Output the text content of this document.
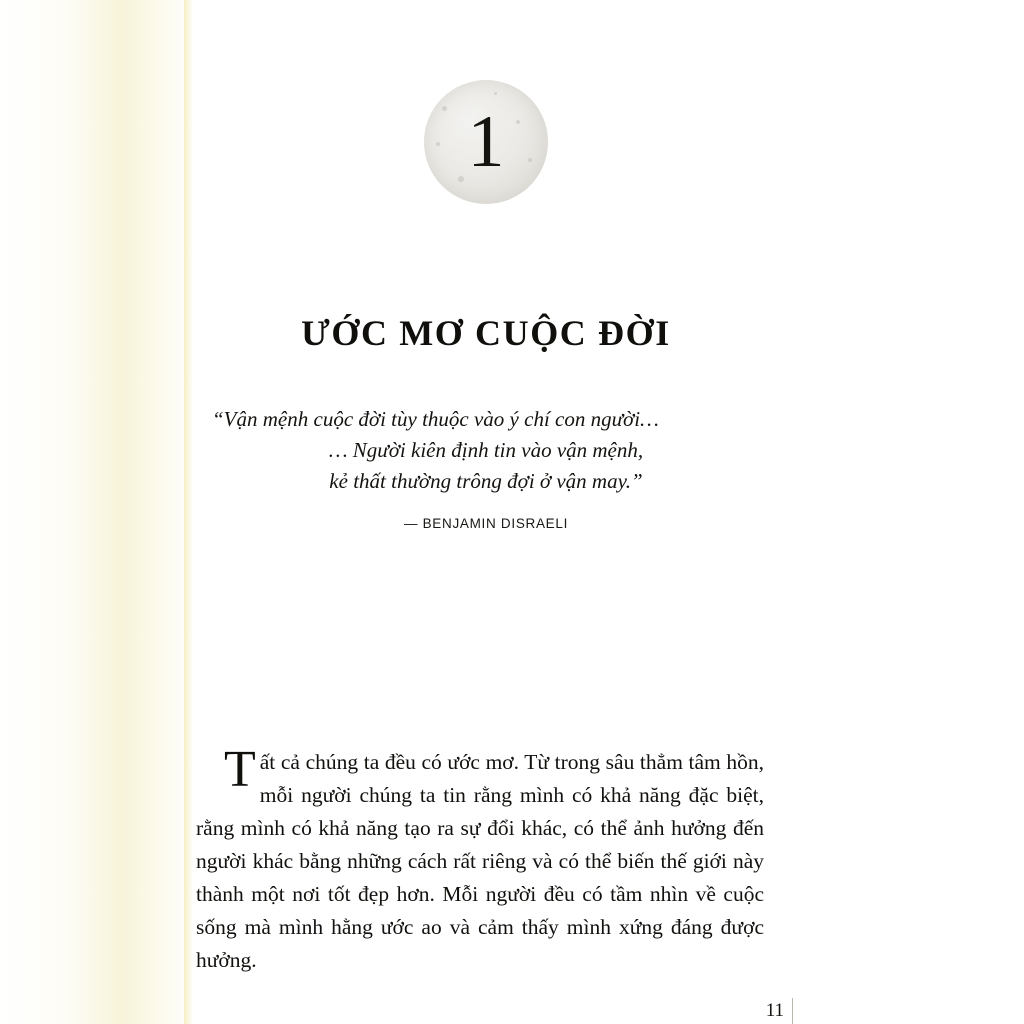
1
ƯỚC MƠ CUỘC ĐỜI
“Vận mệnh cuộc đời tùy thuộc vào ý chí con người…
… Người kiên định tin vào vận mệnh,
kẻ thất thường trông đợi ở vận may.”
— BENJAMIN DISRAELI
T ất cả chúng ta đều có ước mơ. Từ trong sâu thẳm tâm hồn, mỗi người chúng ta tin rằng mình có khả năng đặc biệt, rằng mình có khả năng tạo ra sự đổi khác, có thể ảnh hưởng đến người khác bằng những cách rất riêng và có thể biến thế giới này thành một nơi tốt đẹp hơn. Mỗi người đều có tầm nhìn về cuộc sống mà mình hằng ước ao và cảm thấy mình xứng đáng được hưởng.

11
